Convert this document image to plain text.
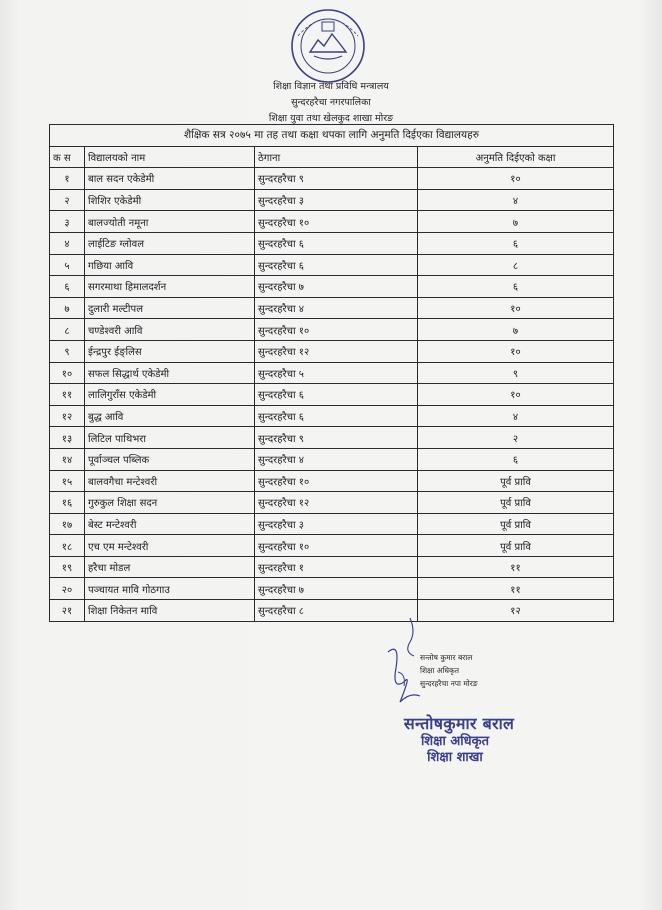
शिक्षा विज्ञान तथा प्रविधि मन्त्रालय
सुन्दरहरैचा नगरपालिका
शिक्षा युवा तथा खेलकुद शाखा मोरङ
शैक्षिक सत्र २०७५ मा तह तथा कक्षा थपका लागि अनुमति दिईएका विद्यालयहरु			
क स	विद्यालयको नाम	ठेगाना	अनुमति दिईएको कक्षा
१	बाल सदन एकेडेमी	सुन्दरहरैचा ९	१०
२	शिशिर एकेडेमी	सुन्दरहरैचा ३	४
३	बालज्योती नमूना	सुन्दरहरैचा १०	७
४	लाईटिङ ग्लोवल	सुन्दरहरैचा ६	६
५	गछिया आवि	सुन्दरहरैचा ६	८
६	सगरमाथा हिमालदर्शन	सुन्दरहरैचा ७	६
७	दुलारी मल्टीपल	सुन्दरहरैचा ४	१०
८	चण्डेश्वरी आवि	सुन्दरहरैचा १०	७
९	ईन्द्रपुर ईङ्लिस	सुन्दरहरैचा १२	१०
१०	सफल सिद्धार्थ एकेडेमी	सुन्दरहरैचा ५	९
११	लालिगुराँस एकेडेमी	सुन्दरहरैचा ६	१०
१२	बुद्ध आवि	सुन्दरहरैचा ६	४
१३	लिटिल पाथिभरा	सुन्दरहरैचा ९	२
१४	पूर्वाञ्चल पब्लिक	सुन्दरहरैचा ४	६
१५	बालवगैचा मन्टेश्वरी	सुन्दरहरैचा १०	पूर्व प्रावि
१६	गुरुकुल शिक्षा सदन	सुन्दरहरैचा १२	पूर्व प्रावि
१७	बेस्ट मन्टेश्वरी	सुन्दरहरैचा ३	पूर्व प्रावि
१८	एच एम मन्टेश्वरी	सुन्दरहरैचा १०	पूर्व प्रावि
१९	हरैचा मोडल	सुन्दरहरैचा १	११
२०	पञ्चायत मावि गोठगाउ	सुन्दरहरैचा ७	११
२१	शिक्षा निकेतन मावि	सुन्दरहरैचा ८	१२
सन्तोष कुमार बराल
शिक्षा अधिकृत
सुन्दरहरैचा नपा मोरङ
सन्तोषकुमार बराल
शिक्षा अधिकृत
शिक्षा शाखा
